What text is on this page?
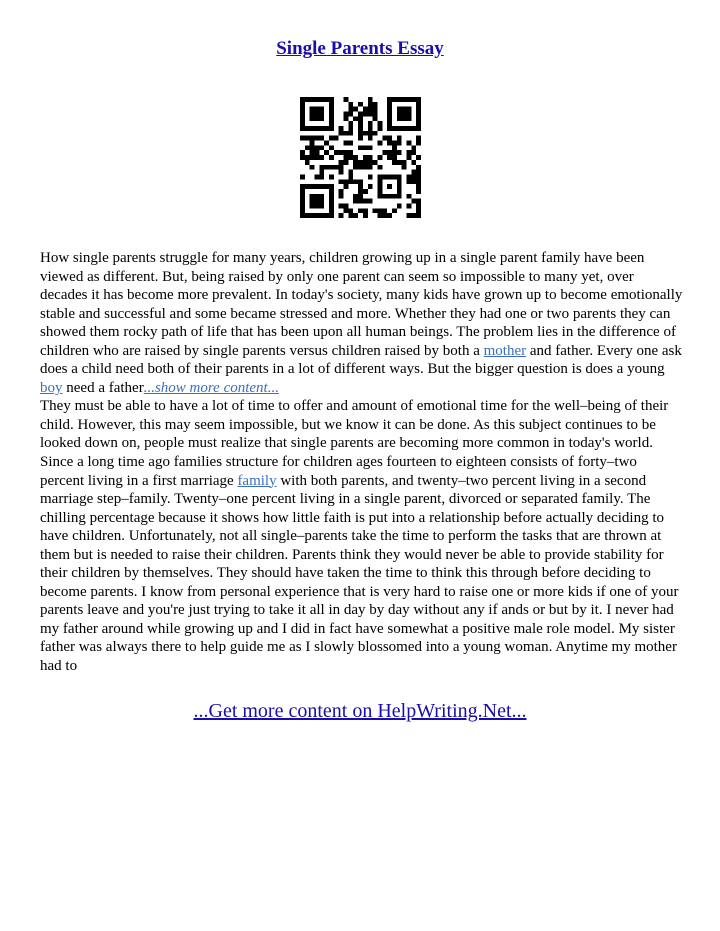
Single Parents Essay

How single parents struggle for many years, children growing up in a single parent family have been viewed as different. But, being raised by only one parent can seem so impossible to many yet, over decades it has become more prevalent. In today's society, many kids have grown up to become emotionally stable and successful and some became stressed and more. Whether they had one or two parents they can showed them rocky path of life that has been upon all human beings. The problem lies in the difference of children who are raised by single parents versus children raised by both a mother and father. Every one ask does a child need both of their parents in a lot of different ways. But the bigger question is does a young boy need a father...show more content...

They must be able to have a lot of time to offer and amount of emotional time for the well–being of their child. However, this may seem impossible, but we know it can be done. As this subject continues to be looked down on, people must realize that single parents are becoming more common in today's world. Since a long time ago families structure for children ages fourteen to eighteen consists of forty–two percent living in a first marriage family with both parents, and twenty–two percent living in a second marriage step–family. Twenty–one percent living in a single parent, divorced or separated family. The chilling percentage because it shows how little faith is put into a relationship before actually deciding to have children. Unfortunately, not all single–parents take the time to perform the tasks that are thrown at them but is needed to raise their children. Parents think they would never be able to provide stability for their children by themselves. They should have taken the time to think this through before deciding to become parents. I know from personal experience that is very hard to raise one or more kids if one of your parents leave and you're just trying to take it all in day by day without any if ands or but by it. I never had my father around while growing up and I did in fact have somewhat a positive male role model. My sister father was always there to help guide me as I slowly blossomed into a young woman. Anytime my mother had to

...Get more content on HelpWriting.Net...
